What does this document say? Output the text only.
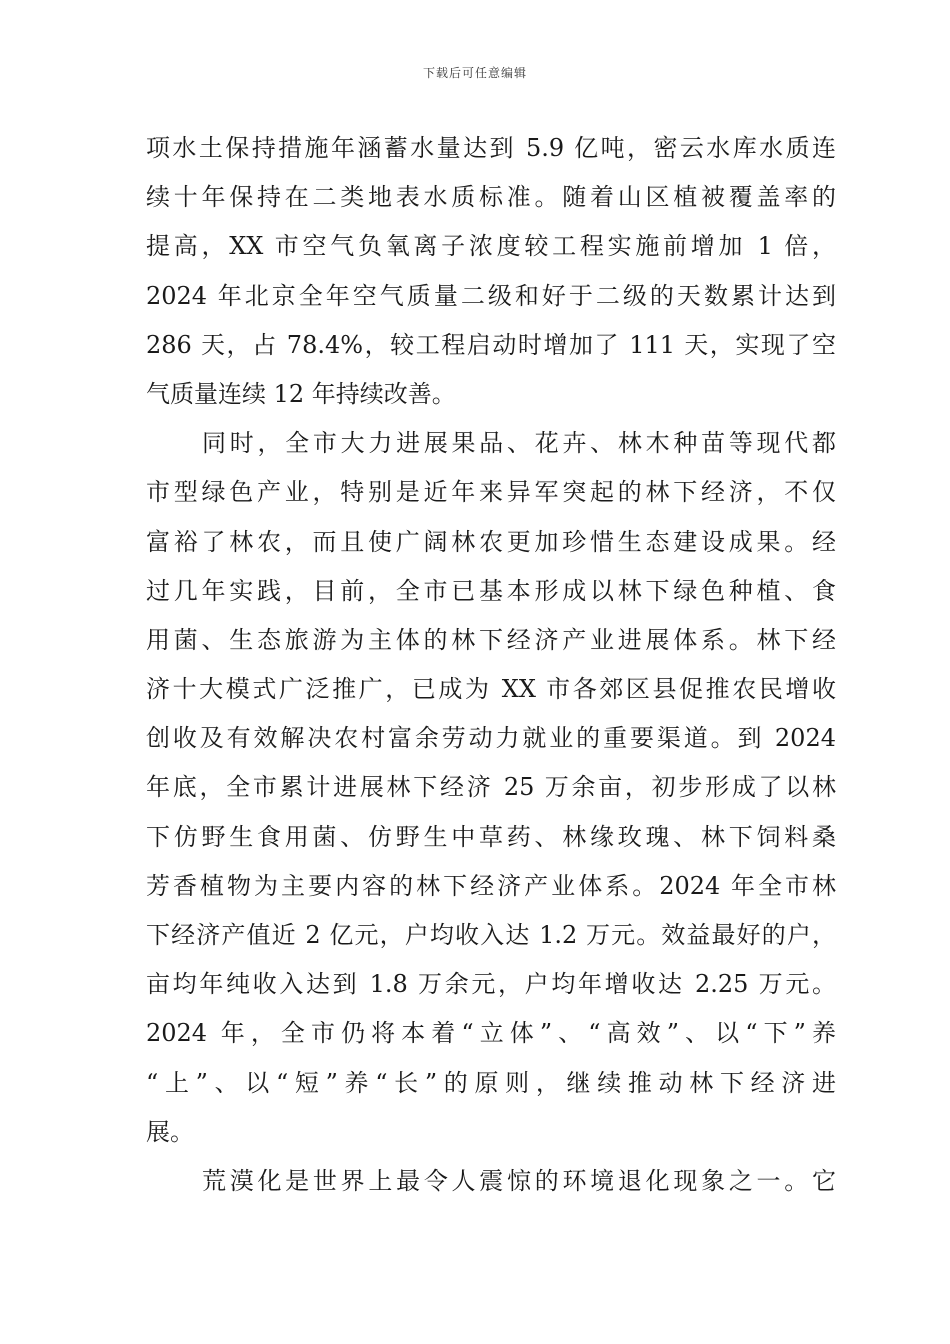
下载后可任意编辑
项水土保持措施年涵蓄水量达到 5.9 亿吨，密云水库水质连
续十年保持在二类地表水质标准。随着山区植被覆盖率的
提高，XX 市空气负氧离子浓度较工程实施前增加 1 倍，
2024 年北京全年空气质量二级和好于二级的天数累计达到
286 天，占 78.4%，较工程启动时增加了 111 天，实现了空
气质量连续 12 年持续改善。
同时，全市大力进展果品、花卉、林木种苗等现代都
市型绿色产业，特别是近年来异军突起的林下经济，不仅
富裕了林农，而且使广阔林农更加珍惜生态建设成果。经
过几年实践，目前，全市已基本形成以林下绿色种植、食
用菌、生态旅游为主体的林下经济产业进展体系。林下经
济十大模式广泛推广，已成为 XX 市各郊区县促推农民增收
创收及有效解决农村富余劳动力就业的重要渠道。到 2024
年底，全市累计进展林下经济 25 万余亩，初步形成了以林
下仿野生食用菌、仿野生中草药、林缘玫瑰、林下饲料桑
芳香植物为主要内容的林下经济产业体系。2024 年全市林
下经济产值近 2 亿元，户均收入达 1.2 万元。效益最好的户，
亩均年纯收入达到 1.8 万余元，户均年增收达 2.25 万元。
2024 年，全市仍将本着“立体”、“高效”、以“下”养
“上”、以“短”养“长”的原则，继续推动林下经济进
展。
荒漠化是世界上最令人震惊的环境退化现象之一。它
